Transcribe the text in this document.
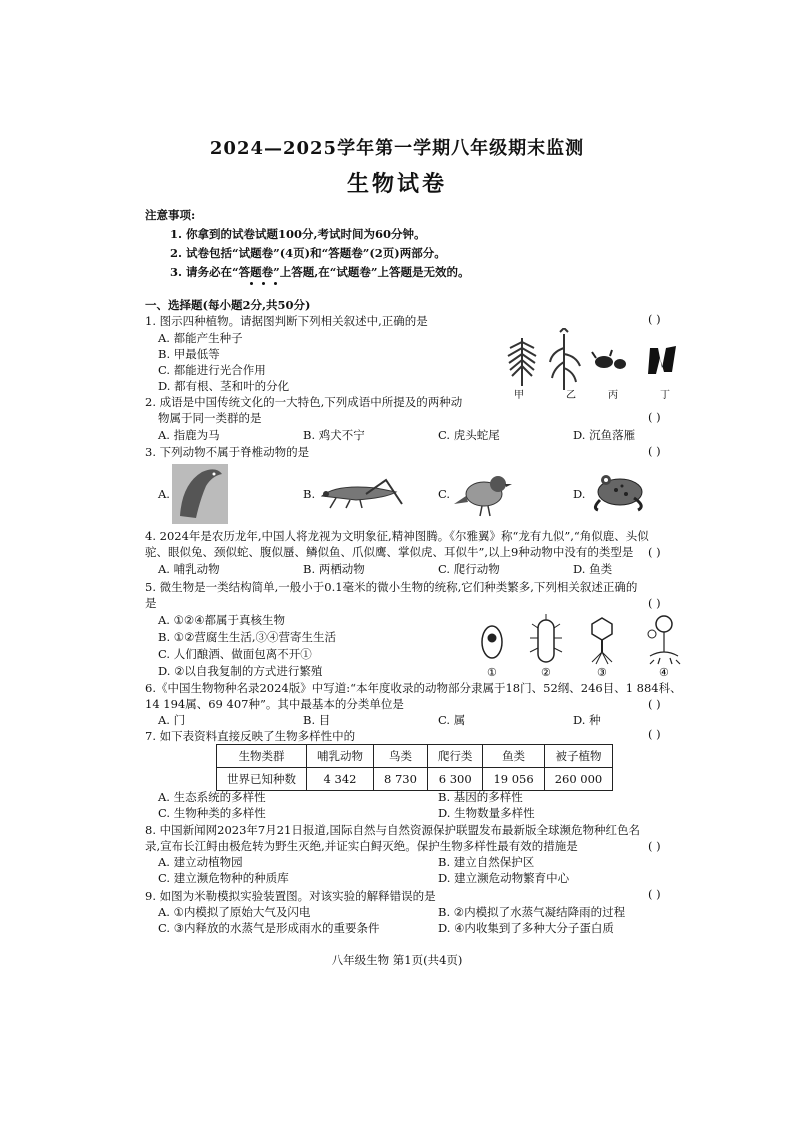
2024—2025学年第一学期八年级期末监测
生物试卷
注意事项:
1. 你拿到的试卷试题100分,考试时间为60分钟。
2. 试卷包括“试题卷”(4页)和“答题卷”(2页)两部分。
3. 请务必在“答题卷”上答题,在“试题卷”上答题是无效的。
一、选择题(每小题2分,共50分)
1. 图示四种植物。请据图判断下列相关叙述中,正确的是	( )
A. 都能产生种子
B. 甲最低等
C. 都能进行光合作用
D. 都有根、茎和叶的分化
甲	乙	丙	丁
2. 成语是中国传统文化的一大特色,下列成语中所提及的两种动
物属于同一类群的是	( )
A. 指鹿为马	B. 鸡犬不宁	C. 虎头蛇尾	D. 沉鱼落雁
3. 下列动物不属于脊椎动物的是	( )
A.	B.	C.	D.
4. 2024年是农历龙年,中国人将龙视为文明象征,精神图腾。《尔雅翼》称“龙有九似”,“角似鹿、头似
驼、眼似兔、颈似蛇、腹似蜃、鳞似鱼、爪似鹰、掌似虎、耳似牛”,以上9种动物中没有的类型是 ( )
A. 哺乳动物	B. 两栖动物	C. 爬行动物	D. 鱼类
5. 微生物是一类结构简单,一般小于0.1毫米的微小生物的统称,它们种类繁多,下列相关叙述正确的
是	( )
A. ①②④都属于真核生物
B. ①②营腐生生活,③④营寄生生活
C. 人们酿酒、做面包离不开①
D. ②以自我复制的方式进行繁殖	①	②	③	④
6.《中国生物物种名录2024版》中写道:“本年度收录的动物部分隶属于18门、52纲、246目、1 884科、
14 194属、69 407种”。其中最基本的分类单位是	( )
A. 门	B. 目	C. 属	D. 种
7. 如下表资料直接反映了生物多样性中的	( )
生物类群	哺乳动物	鸟类	爬行类	鱼类	被子植物
世界已知种数	4 342	8 730	6 300	19 056	260 000
A. 生态系统的多样性	B. 基因的多样性
C. 生物种类的多样性	D. 生物数量多样性
8. 中国新闻网2023年7月21日报道,国际自然与自然资源保护联盟发布最新版全球濒危物种红色名
录,宣布长江鲟由极危转为野生灭绝,并证实白鲟灭绝。保护生物多样性最有效的措施是	( )
A. 建立动植物园	B. 建立自然保护区
C. 建立濒危物种的种质库	D. 建立濒危动物繁育中心
9. 如图为米勒模拟实验装置图。对该实验的解释错误的是	( )
A. ①内模拟了原始大气及闪电	B. ②内模拟了水蒸气凝结降雨的过程
C. ③内释放的水蒸气是形成雨水的重要条件	D. ④内收集到了多种大分子蛋白质
八年级生物 第1页(共4页)
